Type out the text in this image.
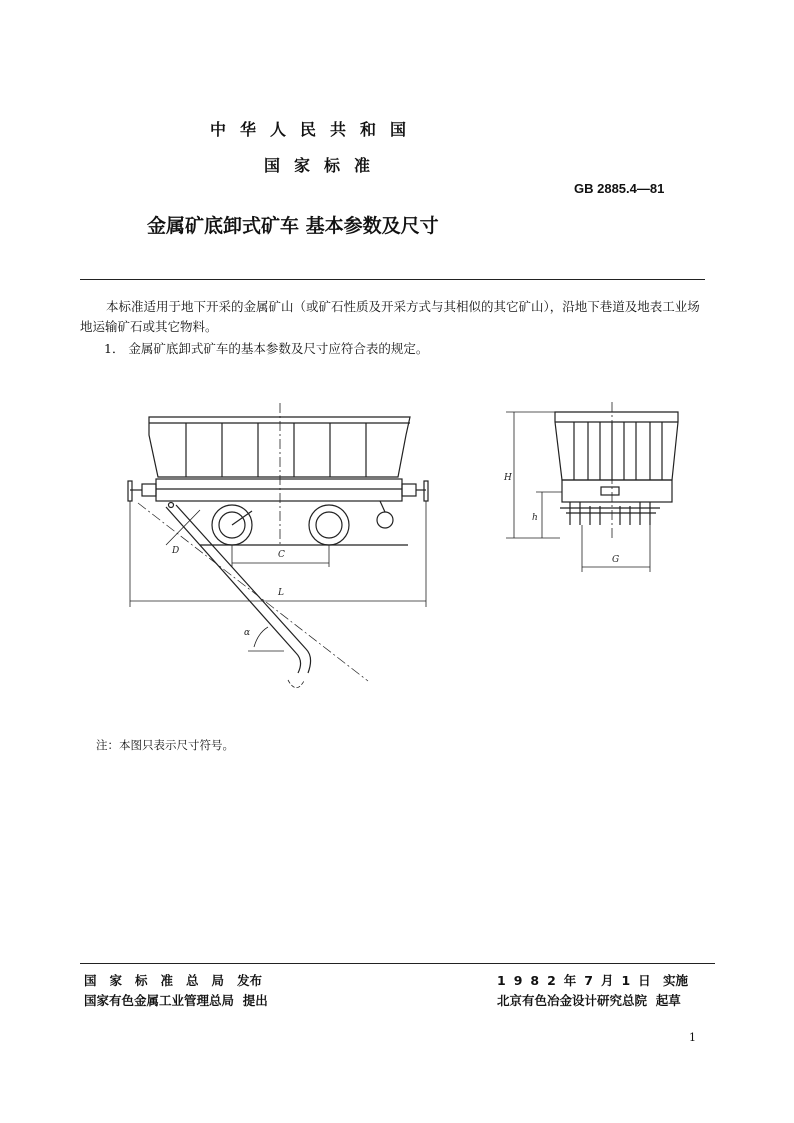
中华人民共和国
国家标准
GB 2885.4—81
金属矿底卸式矿车 基本参数及尺寸
本标准适用于地下开采的金属矿山（或矿石性质及开采方式与其相似的其它矿山），沿地下巷道及地表工业场地运输矿石或其它物料。
1． 金属矿底卸式矿车的基本参数及尺寸应符合表的规定。
C
L
D
α
H
h
G
注：本图只表示尺寸符号。
国家标准总局发布
国家有色金属工业管理总局 提出
1982年7月1日 实施
北京有色冶金设计研究总院 起草
1
